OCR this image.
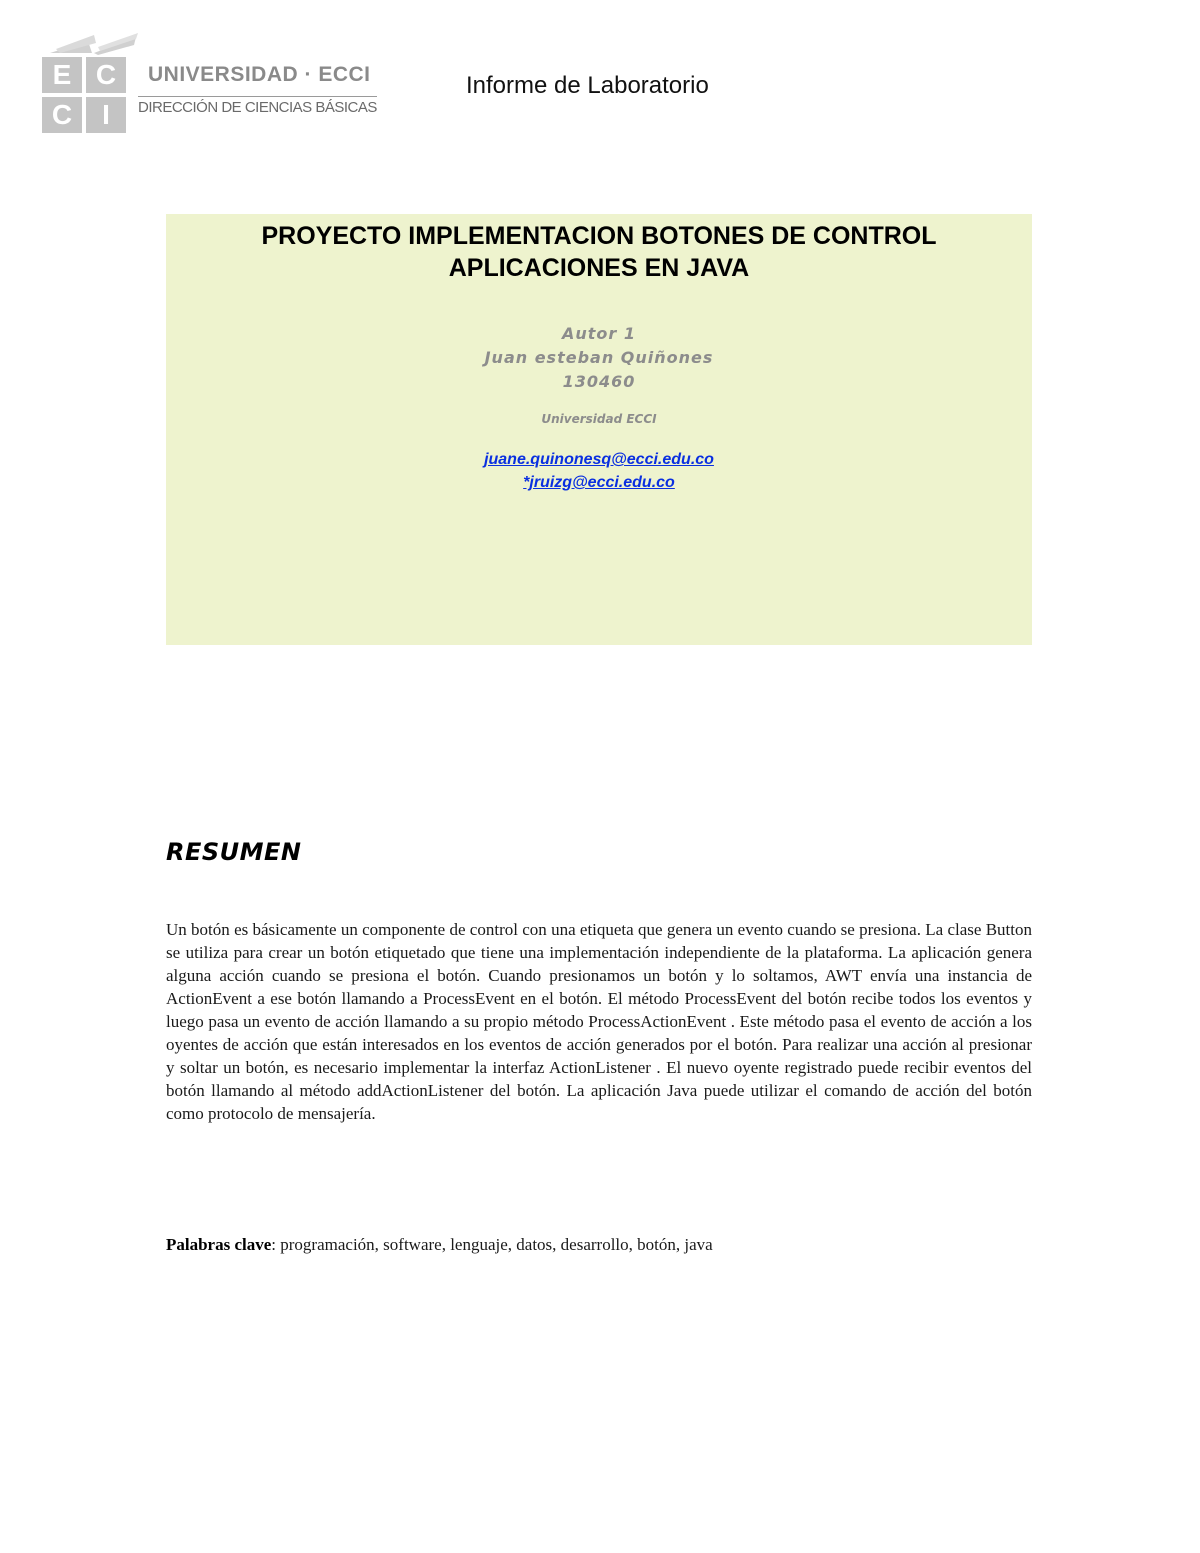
E C
C	I
UNIVERSIDAD · ECCI
DIRECCIÓN DE CIENCIAS BÁSICAS
Informe de Laboratorio
PROYECTO IMPLEMENTACION BOTONES DE CONTROL
APLICACIONES EN JAVA
Autor 1
Juan esteban Quiñones
130460
Universidad ECCI
juane.quinonesq@ecci.edu.co
*jruizg@ecci.edu.co
RESUMEN
Un botón es básicamente un componente de control con una etiqueta que genera un evento cuando se presiona. La clase Button se utiliza para crear un botón etiquetado que tiene una implementación independiente de la plataforma. La aplicación genera alguna acción cuando se presiona el botón. Cuando presionamos un botón y lo soltamos, AWT envía una instancia de ActionEvent a ese botón llamando a ProcessEvent en el botón. El método ProcessEvent del botón recibe todos los eventos y luego pasa un evento de acción llamando a su propio método ProcessActionEvent . Este método pasa el evento de acción a los oyentes de acción que están interesados en los eventos de acción generados por el botón. Para realizar una acción al presionar y soltar un botón, es necesario implementar la interfaz ActionListener . El nuevo oyente registrado puede recibir eventos del botón llamando al método addActionListener del botón. La aplicación Java puede utilizar el comando de acción del botón como protocolo de mensajería.
Palabras clave: programación, software, lenguaje, datos, desarrollo, botón, java
